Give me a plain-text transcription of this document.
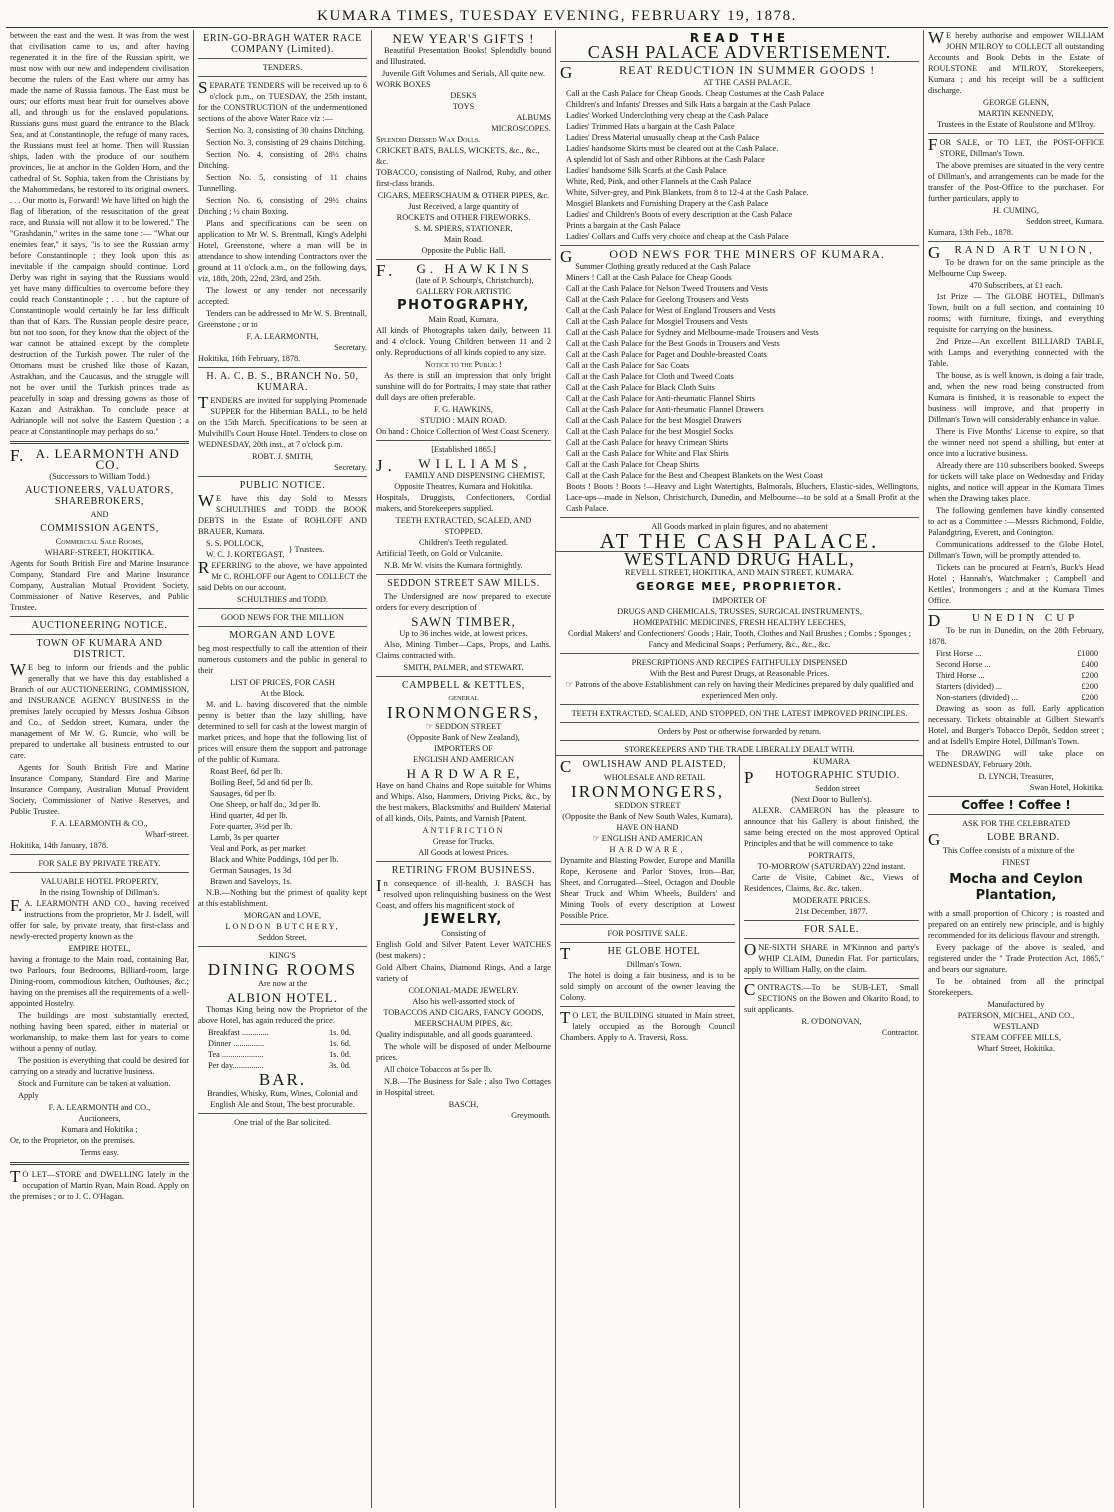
KUMARA TIMES, TUESDAY EVENING, FEBRUARY 19, 1878.
between the east and the west. It was from the west that civilisation came to us, and after having regenerated it in the fire of the Russian spirit, we must now with our new and independent civilisation become the rulers of the East where our army has made the name of Russia famous. The East must be ours; our efforts must bear fruit for ourselves above all, and through us for the enslaved populations. Russians guns must guard the entrance to the Black Sea, and at Constantinople, the refuge of many races, the Russians must feel at home. Then will Russian ships, laden with the produce of our southern provinces, lie at anchor in the Golden Horn, and the cathedral of St. Sophia, taken from the Christians by the Mahommedans, be restored to its original owners. . . . Our motto is, Forward! We have lifted on high the flag of liberation, of the resuscitation of the great race, and Russia will not allow it to be lowered." The "Grashdanin," writes in the same tone :— "What our enemies fear," it says, "is to see the Russian army before Constantinople ; they look upon this as inevitable if the campaign should continue. Lord Derby was right in saying that the Russians would yet have many difficulties to overcome before they could reach Constantinople ; . . . but the capture of Constantinople would certainly be far less difficult than that of Kars. The Russian people desire peace, but not too soon, for they know that the object of the war cannot be attained except by the complete destruction of the Turkish power. The ruler of the Ottomans must be crushed like those of Kazan, Astrakhan, and the Caucasus, and the struggle will not be over until the Turkish princes trade as peacefully in soap and dressing gowns as those of Kazan and Astrakhan. To conclude peace at Adrianople will not solve the Eastern Question ; a peace at Constantinople may perhaps do so."
F.A. LEARMONTH AND CO.
(Successors to William Todd.)
AUCTIONEERS, VALUATORS, SHAREBROKERS,
AND
COMMISSION AGENTS,
Commercial Sale Rooms,
WHARF-STREET, HOKITIKA.
Agents for South British Fire and Marine Insurance Company, Standard Fire and Marine Insurance Company, Australian Mutual Provident Society, Commissioner of Native Reserves, and Public Trustee.
AUCTIONEERING NOTICE.
TOWN OF KUMARA AND DISTRICT.
WE beg to inform our friends and the public generally that we have this day established a Branch of our AUCTIONEERING, COMMISSION, and INSURANCE AGENCY BUSINESS in the premises lately occupied by Messrs Joshua Gibson and Co., of Seddon street, Kumara, under the management of Mr W. G. Runcie, who will be prepared to undertake all business entrusted to our care.
Agents for South British Fire and Marine Insurance Company, Standard Fire and Marine Insurance Company, Australian Mutual Provident Society, Commissioner of Native Reserves, and Public Trustee.
F. A. LEARMONTH & CO.,
Wharf-street.
Hokitika, 14th January, 1878.
FOR SALE BY PRIVATE TREATY.
VALUABLE HOTEL PROPERTY,
In the rising Township of Dillman's.
F.A. LEARMONTH AND CO., having received instructions from the proprietor, Mr J. Isdell, will offer for sale, by private treaty, that first-class and newly-erected property known as the
EMPIRE HOTEL,
having a frontage to the Main road, containing Bar, two Parlours, four Bedrooms, Billiard-room, large Dining-room, commodious kitchen, Outhouses, &c.; having on the premises all the requirements of a well-appointed Hostelry.
The buildings are most substantially erected, nothing having been spared, either in material or workmanship, to make them last for years to come without a penny of outlay.
The position is everything that could be desired for carrying on a steady and lucrative business.
Stock and Furniture can be taken at valuation.
Apply
F. A. LEARMONTH and CO.,
Auctioneers,
Kumara and Hokitika ;
Or, to the Proprietor, on the premises.
Terms easy.
TO LET—STORE and DWELLING lately in the occupation of Martin Ryan, Main Road. Apply on the premises ; or to J. C. O'Hagan.
ERIN-GO-BRAGH WATER RACE COMPANY (Limited).
TENDERS.
SEPARATE TENDERS will be received up to 6 o'clock p.m., on TUESDAY, the 25th instant, for the CONSTRUCTION of the undermentioned sections of the above Water Race viz :—
Section No. 3, consisting of 30 chains Ditching.
Section No. 3, consisting of 29 chains Ditching.
Section No. 4, consisting of 28½ chains Ditching.
Section No. 5, consisting of 11 chains Tunnelling.
Section No. 6, consisting of 29½ chains Ditching ; ½ chain Boxing.
Plans and specifications can be seen on application to Mr W. S. Brentnall, King's Adelphi Hotel, Greenstone, where a man will be in attendance to show intending Contractors over the ground at 11 o'clock a.m., on the following days, viz, 18th, 20th, 22nd, 23rd, and 25th.
The lowest or any tender not necessarily accepted.
Tenders can be addressed to Mr W. S. Brentnall, Greenstone ; or to
F. A. LEARMONTH,
Secretary.
Hokitika, 16th February, 1878.
H. A. C. B. S., BRANCH No. 50, KUMARA.
TENDERS are invited for supplying Promenade SUPPER for the Hibernian BALL, to be held on the 15th March. Specifications to be seen at Mulvihill's Court House Hotel. Tenders to close on WEDNESDAY, 20th inst., at 7 o'clock p.m.
ROBT. J. SMITH,
Secretary.
PUBLIC NOTICE.
WE have this day Sold to Messrs SCHULTHIES and TODD the BOOK DEBTS in the Estate of ROHLOFF AND BRAUER, Kumara.
S. S. POLLOCK,
W. C. J. KORTEGAST,
} Trustees.
REFERRING to the above, we have appointed Mr C. ROHLOFF our Agent to COLLECT the said Debts on our account.
SCHULTHIES and TODD.
GOOD NEWS FOR THE MILLION
MORGAN AND LOVE
beg most respectfully to call the attention of their numerous customers and the public in general to their
LIST OF PRICES, FOR CASH
At the Block.
M. and L. having discovered that the nimble penny is better than the lazy shilling, have determined to sell for cash at the lowest margin of market prices, and hope that the following list of prices will ensure them the support and patronage of the public of Kumara.
Roast Beef, 6d per lb.
Boiling Beef, 5d and 6d per lb.
Sausages, 6d per lb.
One Sheep, or half do., 3d per lb.
Hind quarter, 4d per lb.
Fore quarter, 3½d per lb.
Lamb, 3s per quarter
Veal and Pork, as per market
Black and White Puddings, 10d per lb.
German Sausages, 1s 3d
Brawn and Saveloys, 1s.
N.B.—Nothing but the primest of quality kept at this establishment.
MORGAN and LOVE,
LONDON BUTCHERY,
Seddon Street.
KING'S
DINING ROOMS
Are now at the
ALBION HOTEL.
Thomas King being now the Proprietor of the above Hotel, has again reduced the price.
Breakfast .............	1s. 0d.
Dinner ...............	1s. 6d.
Tea ....................	1s. 0d.
Per day...............	3s. 0d.
BAR.
Brandies, Whisky, Rum, Wines, Colonial and English Ale and Stout, The best procurable.
One trial of the Bar solicited.
NEW YEAR'S GIFTS !
Beautiful Presentation Books! Splendidly bound and Illustrated.
Juvenile Gift Volumes and Serials, All quite new.
WORK BOXES
DESKS
TOYS
ALBUMS
MICROSCOPES.
Splendid Dressed Wax Dolls.
CRICKET BATS, BALLS, WICKETS, &c., &c., &c.
TOBACCO, consisting of Nailrod, Ruby, and other first-class brands.
CIGARS, MEERSCHAUM & OTHER PIPES, &c.
Just Received, a large quantity of
ROCKETS and OTHER FIREWORKS.
S. M. SPIERS, STATIONER,
Main Road.
Opposite the Public Hall.
F.G. HAWKINS
(late of P. Schourp's, Christchurch),
GALLERY FOR ARTISTIC
PHOTOGRAPHY,
Main Road, Kumara.
All kinds of Photographs taken daily, between 11 and 4 o'clock. Young Children between 11 and 2 only. Reproductions of all kinds copied to any size.
Notice to the Public !
As there is still an impression that only bright sunshine will do for Portraits, I may state that rather dull days are often preferable.
F. G. HAWKINS,
STUDIO : MAIN ROAD.
On hand : Choice Collection of West Coast Scenery.
[Established 1865.]
J.WILLIAMS,
FAMILY AND DISPENSING CHEMIST,
Opposite Theatres, Kumara and Hokitika.
Hospitals, Druggists, Confectioners, Cordial makers, and Storekeepers supplied.
TEETH EXTRACTED, SCALED, AND STOPPED.
Children's Teeth regulated.
Artificial Teeth, on Gold or Vulcanite.
N.B. Mr W. visits the Kumara fortnightly.
SEDDON STREET SAW MILLS.
The Undersigned are now prepared to execute orders for every description of
SAWN TIMBER,
Up to 36 inches wide, at lowest prices.
Also, Mining Timber—Caps, Props, and Laths. Claims contracted with.
SMITH, PALMER, and STEWART.
CAMPBELL & KETTLES,
GENERAL
IRONMONGERS,
☞ SEDDON STREET
(Opposite Bank of New Zealand),
IMPORTERS OF
ENGLISH AND AMERICAN
H A R D W A R E,
Have on hand Chains and Rope suitable for Whims and Whips. Also, Hammers, Driving Picks, &c., by the best makers, Blacksmiths' and Builders' Material of all kinds, Oils, Paints, and Varnish [Patent.
ANTIFRICTION
Grease for Trucks.
All Goods at lowest Prices.
RETIRING FROM BUSINESS.
In consequence of ill-health, J. BASCH has resolved upon relinquishing business on the West Coast, and offers his magnificent stock of
JEWELRY,
Consisting of
English Gold and Silver Patent Lever WATCHES (best makers) ;
Gold Albert Chains, Diamond Rings, And a large variety of
COLONIAL-MADE JEWELRY.
Also his well-assorted stock of
TOBACCOS AND CIGARS, FANCY GOODS, MEERSCHAUM PIPES, &c.
Quality indisputable, and all goods guaranteed.
The whole will be disposed of under Melbourne prices.
All choice Tobaccos at 5s per lb.
N.B.—The Business for Sale ; also Two Cottages in Hospital street.
BASCH,
Greymouth.
READ THE
CASH PALACE ADVERTISEMENT.
GREAT REDUCTION IN SUMMER GOODS !
AT THE CASH PALACE.
Call at the Cash Palace for Cheap Goods. Cheap Costumes at the Cash Palace
Children's and Infants' Dresses and Silk Hats a bargain at the Cash Palace
Ladies' Worked Underclothing very cheap at the Cash Palace
Ladies' Trimmed Hats a bargain at the Cash Palace
Ladies' Dress Material unusually cheap at the Cash Palace
Ladies' handsome Skirts must be cleared out at the Cash Palace.
A splendid lot of Sash and other Ribbons at the Cash Palace
Ladies' handsome Silk Scarfs at the Cash Palace
White, Red, Pink, and other Flannels at the Cash Palace
White, Silver-grey, and Pink Blankets, from 8 to 12-4 at the Cash Palace.
Mosgiel Blankets and Furnishing Drapery at the Cash Palace
Ladies' and Children's Boots of every description at the Cash Palace
Prints a bargain at the Cash Palace
Ladies' Collars and Cuffs very choice and cheap at the Cash Palace
GOOD NEWS FOR THE MINERS OF KUMARA.
Summer Clothing greatly reduced at the Cash Palace
Miners ! Call at the Cash Palace for Cheap Goods
Call at the Cash Palace for Nelson Tweed Trousers and Vests
Call at the Cash Palace for Geelong Trousers and Vests
Call at the Cash Palace for West of England Trousers and Vests
Call at the Cash Palace for Mosgiel Trousers and Vests
Call at the Cash Palace for Sydney and Melbourne-made Trousers and Vests
Call at the Cash Palace for the Best Goods in Trousers and Vests
Call at the Cash Palace for Paget and Double-breasted Coats
Call at the Cash Palace for Sac Coats
Call at the Cash Palace for Cloth and Tweed Coats
Call at the Cash Palace for Black Cloth Suits
Call at the Cash Palace for Anti-rheumatic Flannel Shirts
Call at the Cash Palace for Anti-rheumatic Flannel Drawers
Call at the Cash Palace for the best Mosgiel Drawers
Call at the Cash Palace for the best Mosgiel Socks
Call at the Cash Palace for heavy Crimean Shirts
Call at the Cash Palace for White and Flax Shirts
Call at the Cash Palace for Cheap Shirts
Call at the Cash Palace for the Best and Cheapest Blankets on the West Coast
Boots ! Boots ! Boots !—Heavy and Light Watertights, Balmorals, Bluchers, Elastic-sides, Wellingtons, Lace-ups—made in Nelson, Christchurch, Dunedin, and Melbourne—to be sold at a Small Profit at the Cash Palace.
All Goods marked in plain figures, and no abatement
AT THE CASH PALACE.
WESTLAND DRUG HALL,
REVELL STREET, HOKITIKA, AND MAIN STREET, KUMARA.
GEORGE MEE, PROPRIETOR.
IMPORTER OF
DRUGS AND CHEMICALS, TRUSSES, SURGICAL INSTRUMENTS,
HOMŒPATHIC MEDICINES, FRESH HEALTHY LEECHES,
Cordial Makers' and Confectioners' Goods ; Hair, Tooth, Clothes and Nail Brushes ; Combs ; Sponges ; Fancy and Medicinal Soaps ; Perfumery, &c., &c., &c.
PRESCRIPTIONS AND RECIPES FAITHFULLY DISPENSED
With the Best and Purest Drugs, at Reasonable Prices.
☞ Patrons of the above Establishment can rely on having their Medicines prepared by duly qualified and experienced Men only.
TEETH EXTRACTED, SCALED, AND STOPPED, ON THE LATEST IMPROVED PRINCIPLES.
Orders by Post or otherwise forwarded by return.
STOREKEEPERS AND THE TRADE LIBERALLY DEALT WITH.
COWLISHAW AND PLAISTED,
WHOLESALE AND RETAIL
IRONMONGERS,
SEDDON STREET
(Opposite the Bank of New South Wales, Kumara),
HAVE ON HAND
☞ ENGLISH AND AMERICAN
HARDWARE,
Dynamite and Blasting Powder, Europe and Manilla Rope, Kerosene and Parlor Stoves, Iron—Bar, Sheet, and Corrugated—Steel, Octagon and Double Shear Truck and Whim Wheels, Builders' and Mining Tools of every description at Lowest Possible Price.
FOR POSITIVE SALE.
THE GLOBE HOTEL
Dillman's Town.
The hotel is doing a fair business, and is to be sold simply on account of the owner leaving the Colony.
TO LET, the BUILDING situated in Main street, lately occupied as the Borough Council Chambers. Apply to A. Traversi, Ross.
KUMARA
PHOTOGRAPHIC STUDIO.
Seddon street
(Next Door to Bullen's).
ALEXR. CAMERON has the pleasure to announce that his Gallery is about finished, the same being erected on the most approved Optical Principles and that he will commence to take
PORTRAITS,
TO-MORROW (SATURDAY) 22nd instant.
Carte de Visite, Cabinet &c., Views of Residences, Claims, &c. &c. taken.
MODERATE PRICES.
21st December, 1877.
FOR SALE.
ONE-SIXTH SHARE in M'Kinnon and party's WHIP CLAIM, Dunedin Flat. For particulars, apply to William Hally, on the claim.
CONTRACTS.—To be SUB-LET, Small SECTIONS on the Bowen and Okarito Road, to suit applicants.
R. O'DONOVAN,
Contractor.
WE hereby authorise and empower WILLIAM JOHN M'ILROY to COLLECT all outstanding Accounts and Book Debts in the Estate of ROULSTONE and M'ILROY, Storekeepers, Kumara ; and his receipt will be a sufficient discharge.
GEORGE GLENN,
MARTIN KENNEDY,
Trustees in the Estate of Roulstone and M'Ilroy.
FOR SALE, or TO LET, the POST-OFFICE STORE, Dillman's Town.
The above premises are situated in the very centre of Dillman's, and arrangements can be made for the transfer of the Post-Office to the purchaser. For further particulars, apply to
H. CUMING,
Seddon street, Kumara.
Kumara, 13th Feb., 1878.
GRAND ART UNION,
To be drawn for on the same principle as the Melbourne Cup Sweep.
470 Subscribers, at £1 each.
1st Prize — The GLOBE HOTEL, Dillman's Town, built on a full section, and containing 10 rooms; with furniture, fixings, and everything requisite for carrying on the business.
2nd Prize—An excellent BILLIARD TABLE, with Lamps and everything connected with the Table.
The house, as is well known, is doing a fair trade, and, when the new road being constructed from Kumara is finished, it is reasonable to expect the business will improve, and that property in Dillman's Town will considerably enhance in value.
There is Five Months' License to expire, so that the winner need not spend a shilling, but enter at once into a lucrative business.
Already there are 110 subscribers booked. Sweeps for tickets will take place on Wednesday and Friday nights, and notice will appear in the Kumara Times when the Drawing takes place.
The following gentlemen have kindly consented to act as a Committee :—Messrs Richmond, Foldie, Palandgtring, Everett, and Conington.
Communications addressed to the Globe Hotel, Dillman's Town, will be promptly attended to.
Tickets can be procured at Fearn's, Buck's Head Hotel ; Hannah's, Watchmaker ; Campbell and Kettles', Ironmongers ; and at the Kumara Times Office.
DUNEDIN CUP
To be run in Dunedin, on the 28th February, 1878.
First Horse ...	£1000
Second Horse ...	£400
Third Horse ...	£200
Starters (divided) ...	£200
Non-starters (divided) ...	£200
Drawing as soon as full. Early application necessary. Tickets obtainable at Gilbert Stewart's Hotel, and Burger's Tobacco Depôt, Seddon street ; and at Isdell's Empire Hotel, Dillman's Town.
The DRAWING will take place on WEDNESDAY, February 20th.
D. LYNCH, Treasurer,
Swan Hotel, Hokitika.
Coffee ! Coffee !
ASK FOR THE CELEBRATED
GLOBE BRAND.
This Coffee consists of a mixture of the
FINEST
Mocha and Ceylon Plantation,
with a small proportion of Chicory ; is roasted and prepared on an entirely new principle, and is highly recommended for its delicious flavour and strength.
Every package of the above is sealed, and registered under the " Trade Protection Act, 1865," and bears our signature.
To be obtained from all the principal Storekeepers.
Manufactured by
PATERSON, MICHEL, AND CO.,
WESTLAND
STEAM COFFEE MILLS,
Wharf Street, Hokitika.
